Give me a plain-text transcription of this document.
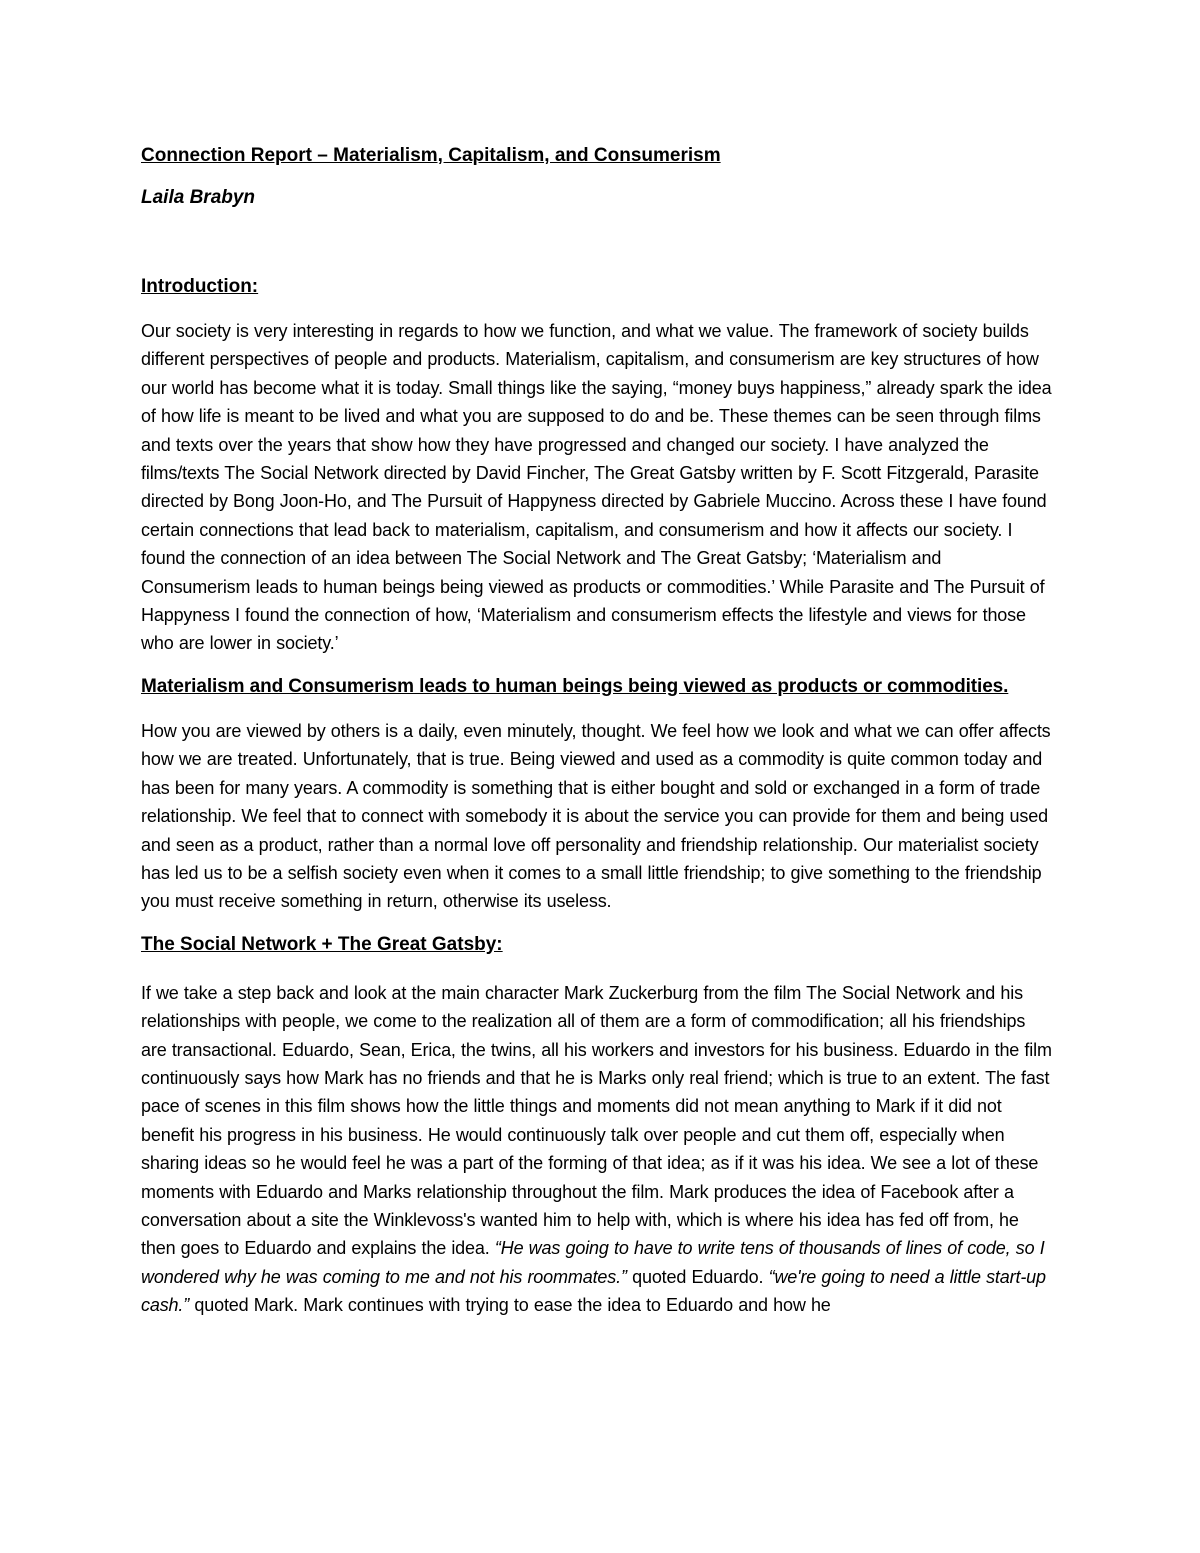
Connection Report – Materialism, Capitalism, and Consumerism

Laila Brabyn

Introduction:

Our society is very interesting in regards to how we function, and what we value. The framework of society builds different perspectives of people and products. Materialism, capitalism, and consumerism are key structures of how our world has become what it is today. Small things like the saying, “money buys happiness,” already spark the idea of how life is meant to be lived and what you are supposed to do and be. These themes can be seen through films and texts over the years that show how they have progressed and changed our society. I have analyzed the films/texts The Social Network directed by David Fincher, The Great Gatsby written by F. Scott Fitzgerald, Parasite directed by Bong Joon-Ho, and The Pursuit of Happyness directed by Gabriele Muccino. Across these I have found certain connections that lead back to materialism, capitalism, and consumerism and how it affects our society. I found the connection of an idea between The Social Network and The Great Gatsby; ‘Materialism and Consumerism leads to human beings being viewed as products or commodities.’ While Parasite and The Pursuit of Happyness I found the connection of how, ‘Materialism and consumerism effects the lifestyle and views for those who are lower in society.’

Materialism and Consumerism leads to human beings being viewed as products or commodities.

How you are viewed by others is a daily, even minutely, thought. We feel how we look and what we can offer affects how we are treated. Unfortunately, that is true. Being viewed and used as a commodity is quite common today and has been for many years. A commodity is something that is either bought and sold or exchanged in a form of trade relationship. We feel that to connect with somebody it is about the service you can provide for them and being used and seen as a product, rather than a normal love off personality and friendship relationship. Our materialist society has led us to be a selfish society even when it comes to a small little friendship; to give something to the friendship you must receive something in return, otherwise its useless.

The Social Network + The Great Gatsby:

If we take a step back and look at the main character Mark Zuckerburg from the film The Social Network and his relationships with people, we come to the realization all of them are a form of commodification; all his friendships are transactional. Eduardo, Sean, Erica, the twins, all his workers and investors for his business. Eduardo in the film continuously says how Mark has no friends and that he is Marks only real friend; which is true to an extent. The fast pace of scenes in this film shows how the little things and moments did not mean anything to Mark if it did not benefit his progress in his business. He would continuously talk over people and cut them off, especially when sharing ideas so he would feel he was a part of the forming of that idea; as if it was his idea. We see a lot of these moments with Eduardo and Marks relationship throughout the film. Mark produces the idea of Facebook after a conversation about a site the Winklevoss's wanted him to help with, which is where his idea has fed off from, he then goes to Eduardo and explains the idea. “He was going to have to write tens of thousands of lines of code, so I wondered why he was coming to me and not his roommates.” quoted Eduardo. “we're going to need a little start-up cash.” quoted Mark. Mark continues with trying to ease the idea to Eduardo and how he
